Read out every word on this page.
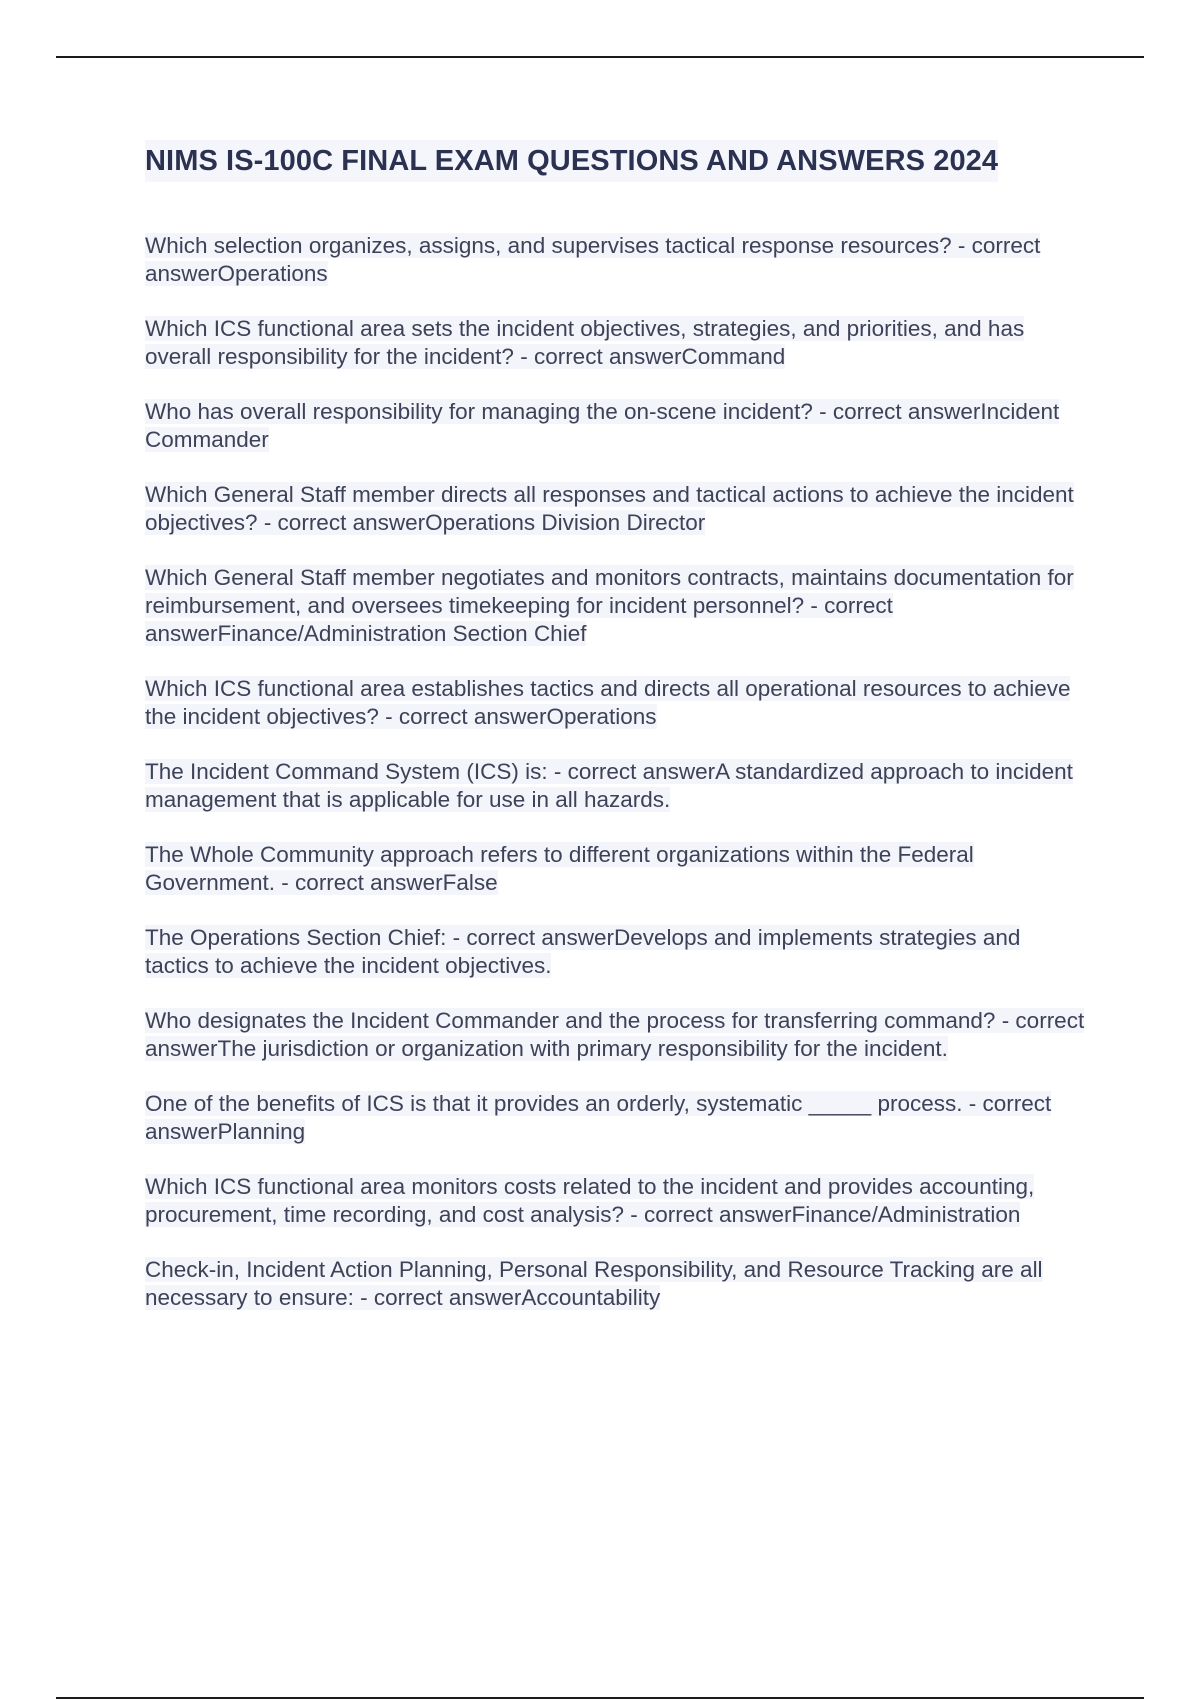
NIMS IS-100C FINAL EXAM QUESTIONS AND ANSWERS 2024

Which selection organizes, assigns, and supervises tactical response resources? - correct answerOperations

Which ICS functional area sets the incident objectives, strategies, and priorities, and has overall responsibility for the incident? - correct answerCommand

Who has overall responsibility for managing the on-scene incident? - correct answerIncident Commander

Which General Staff member directs all responses and tactical actions to achieve the incident objectives? - correct answerOperations Division Director

Which General Staff member negotiates and monitors contracts, maintains documentation for reimbursement, and oversees timekeeping for incident personnel? - correct answerFinance/Administration Section Chief

Which ICS functional area establishes tactics and directs all operational resources to achieve the incident objectives? - correct answerOperations

The Incident Command System (ICS) is: - correct answerA standardized approach to incident management that is applicable for use in all hazards.

The Whole Community approach refers to different organizations within the Federal Government. - correct answerFalse

The Operations Section Chief: - correct answerDevelops and implements strategies and tactics to achieve the incident objectives.

Who designates the Incident Commander and the process for transferring command? - correct answerThe jurisdiction or organization with primary responsibility for the incident.

One of the benefits of ICS is that it provides an orderly, systematic _____ process. - correct answerPlanning

Which ICS functional area monitors costs related to the incident and provides accounting, procurement, time recording, and cost analysis? - correct answerFinance/Administration

Check-in, Incident Action Planning, Personal Responsibility, and Resource Tracking are all necessary to ensure: - correct answerAccountability
